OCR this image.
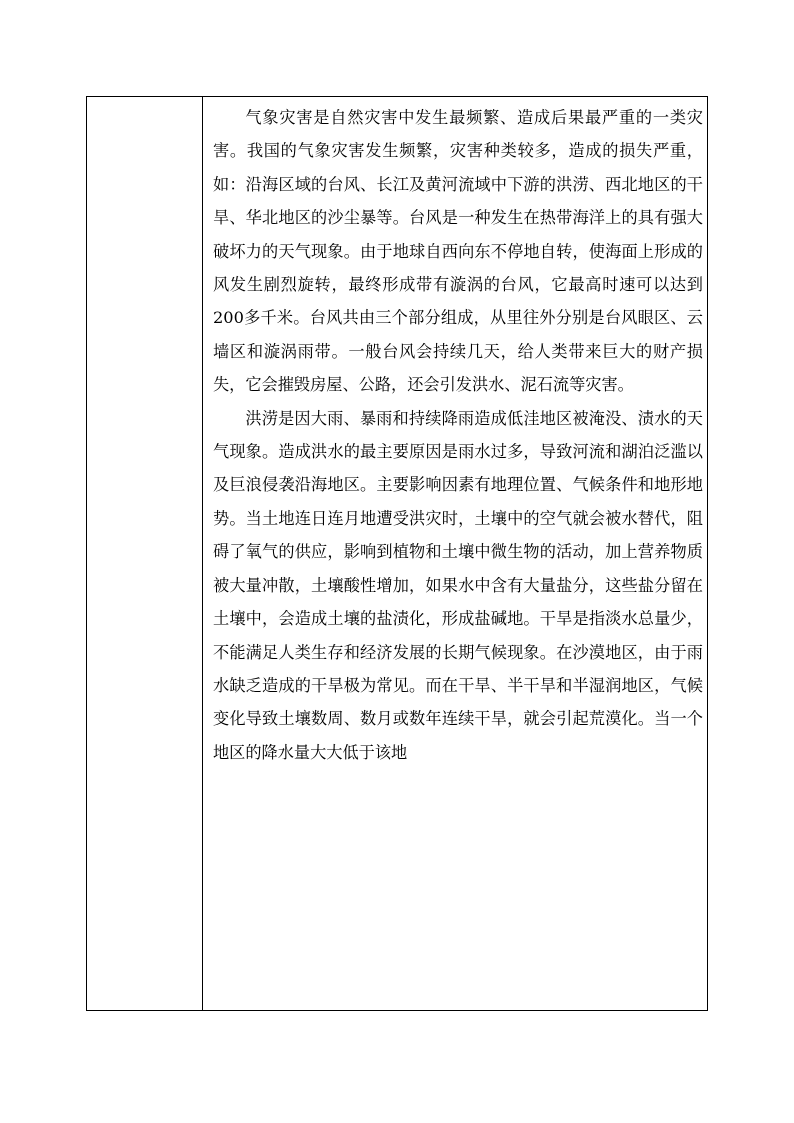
气象灾害是自然灾害中发生最频繁、造成后果最严重的一类灾害。我国的气象灾害发生频繁，灾害种类较多，造成的损失严重，如：沿海区域的台风、长江及黄河流域中下游的洪涝、西北地区的干旱、华北地区的沙尘暴等。台风是一种发生在热带海洋上的具有强大破坏力的天气现象。由于地球自西向东不停地自转，使海面上形成的风发生剧烈旋转，最终形成带有漩涡的台风，它最高时速可以达到200多千米。台风共由三个部分组成，从里往外分别是台风眼区、云墙区和漩涡雨带。一般台风会持续几天，给人类带来巨大的财产损失，它会摧毁房屋、公路，还会引发洪水、泥石流等灾害。

洪涝是因大雨、暴雨和持续降雨造成低洼地区被淹没、渍水的天气现象。造成洪水的最主要原因是雨水过多，导致河流和湖泊泛滥以及巨浪侵袭沿海地区。主要影响因素有地理位置、气候条件和地形地势。当土地连日连月地遭受洪灾时，土壤中的空气就会被水替代，阻碍了氧气的供应，影响到植物和土壤中微生物的活动，加上营养物质被大量冲散，土壤酸性增加，如果水中含有大量盐分，这些盐分留在土壤中，会造成土壤的盐渍化，形成盐碱地。干旱是指淡水总量少，不能满足人类生存和经济发展的长期气候现象。在沙漠地区，由于雨水缺乏造成的干旱极为常见。而在干旱、半干旱和半湿润地区，气候变化导致土壤数周、数月或数年连续干旱，就会引起荒漠化。当一个地区的降水量大大低于该地
